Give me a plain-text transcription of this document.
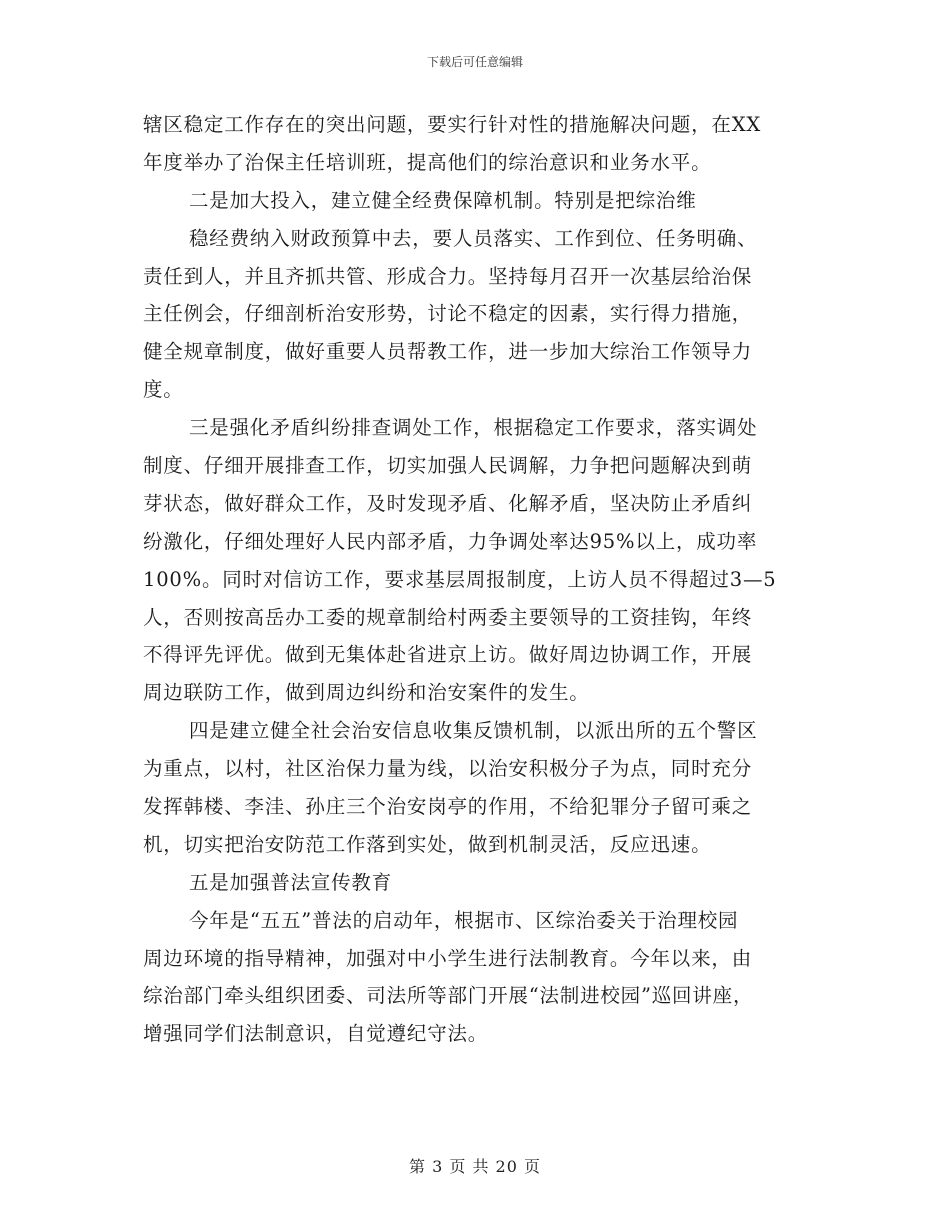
下载后可任意编辑
辖区稳定工作存在的突出问题，要实行针对性的措施解决问题，在XX
年度举办了治保主任培训班，提高他们的综治意识和业务水平。
二是加大投入，建立健全经费保障机制。特别是把综治维
稳经费纳入财政预算中去，要人员落实、工作到位、任务明确、
责任到人，并且齐抓共管、形成合力。坚持每月召开一次基层给治保
主任例会，仔细剖析治安形势，讨论不稳定的因素，实行得力措施，
健全规章制度，做好重要人员帮教工作，进一步加大综治工作领导力
度。
三是强化矛盾纠纷排查调处工作，根据稳定工作要求，落实调处
制度、仔细开展排查工作，切实加强人民调解，力争把问题解决到萌
芽状态，做好群众工作，及时发现矛盾、化解矛盾，坚决防止矛盾纠
纷激化，仔细处理好人民内部矛盾，力争调处率达95%以上，成功率
100%。同时对信访工作，要求基层周报制度，上访人员不得超过3—5
人，否则按高岳办工委的规章制给村两委主要领导的工资挂钩，年终
不得评先评优。做到无集体赴省进京上访。做好周边协调工作，开展
周边联防工作，做到周边纠纷和治安案件的发生。
四是建立健全社会治安信息收集反馈机制，以派出所的五个警区
为重点，以村，社区治保力量为线，以治安积极分子为点，同时充分
发挥韩楼、李洼、孙庄三个治安岗亭的作用，不给犯罪分子留可乘之
机，切实把治安防范工作落到实处，做到机制灵活，反应迅速。
五是加强普法宣传教育
今年是“五五”普法的启动年，根据市、区综治委关于治理校园
周边环境的指导精神，加强对中小学生进行法制教育。今年以来，由
综治部门牵头组织团委、司法所等部门开展“法制进校园”巡回讲座，
增强同学们法制意识，自觉遵纪守法。
第 3 页 共 20 页
